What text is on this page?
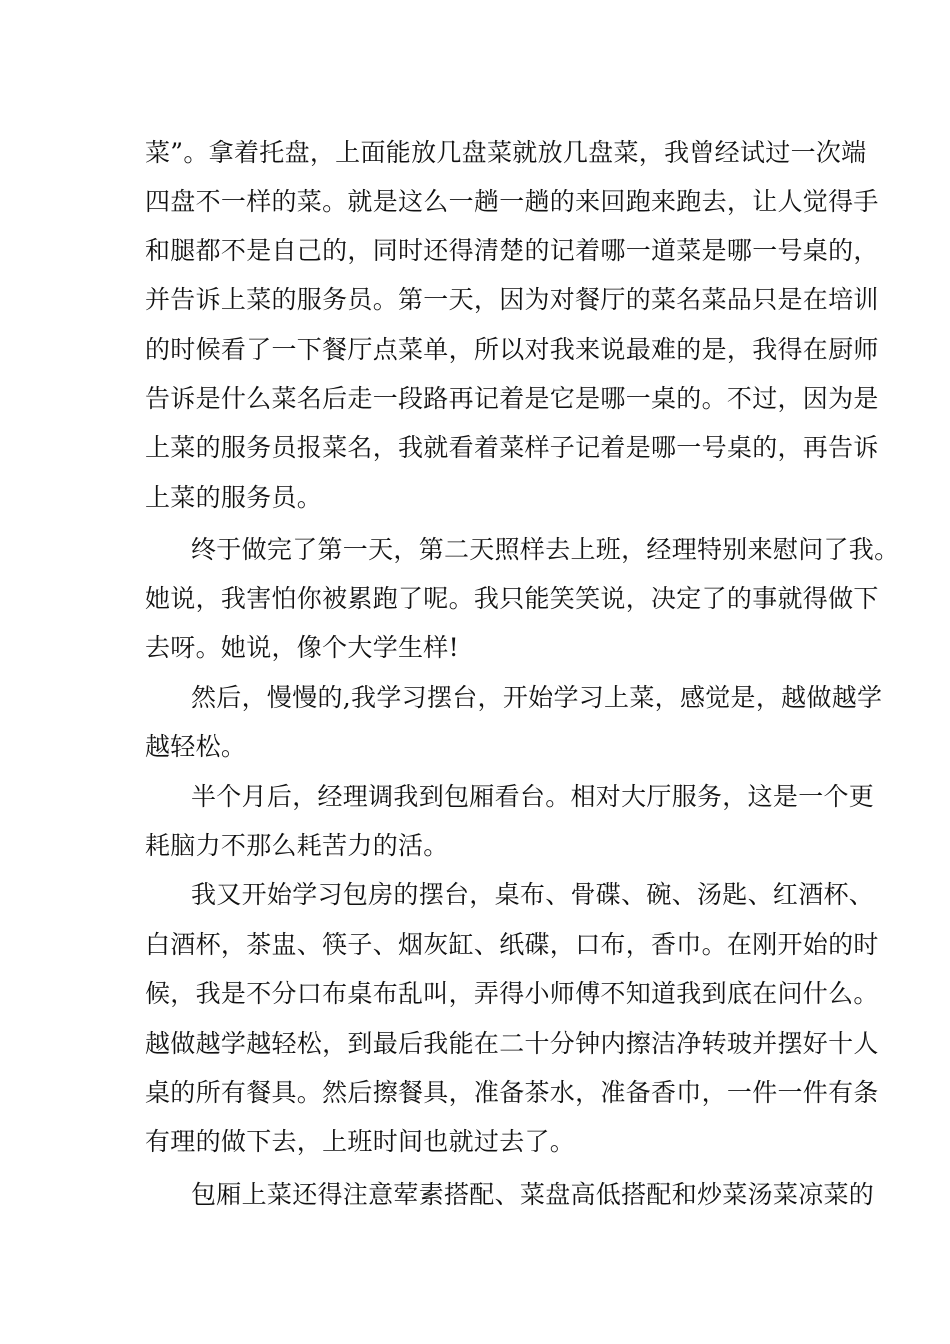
菜”。拿着托盘，上面能放几盘菜就放几盘菜，我曾经试过一次端
四盘不一样的菜。就是这么一趟一趟的来回跑来跑去，让人觉得手
和腿都不是自己的，同时还得清楚的记着哪一道菜是哪一号桌的，
并告诉上菜的服务员。第一天，因为对餐厅的菜名菜品只是在培训
的时候看了一下餐厅点菜单，所以对我来说最难的是，我得在厨师
告诉是什么菜名后走一段路再记着是它是哪一桌的。不过，因为是
上菜的服务员报菜名，我就看着菜样子记着是哪一号桌的，再告诉
上菜的服务员。
终于做完了第一天，第二天照样去上班，经理特别来慰问了我。
她说，我害怕你被累跑了呢。我只能笑笑说，决定了的事就得做下
去呀。她说，像个大学生样!
然后，慢慢的,我学习摆台，开始学习上菜，感觉是，越做越学
越轻松。
半个月后，经理调我到包厢看台。相对大厅服务，这是一个更
耗脑力不那么耗苦力的活。
我又开始学习包房的摆台，桌布、骨碟、碗、汤匙、红酒杯、
白酒杯，茶盅、筷子、烟灰缸、纸碟，口布，香巾。在刚开始的时
候，我是不分口布桌布乱叫，弄得小师傅不知道我到底在问什么。
越做越学越轻松，到最后我能在二十分钟内擦洁净转玻并摆好十人
桌的所有餐具。然后擦餐具，准备茶水，准备香巾，一件一件有条
有理的做下去，上班时间也就过去了。
包厢上菜还得注意荤素搭配、菜盘高低搭配和炒菜汤菜凉菜的
